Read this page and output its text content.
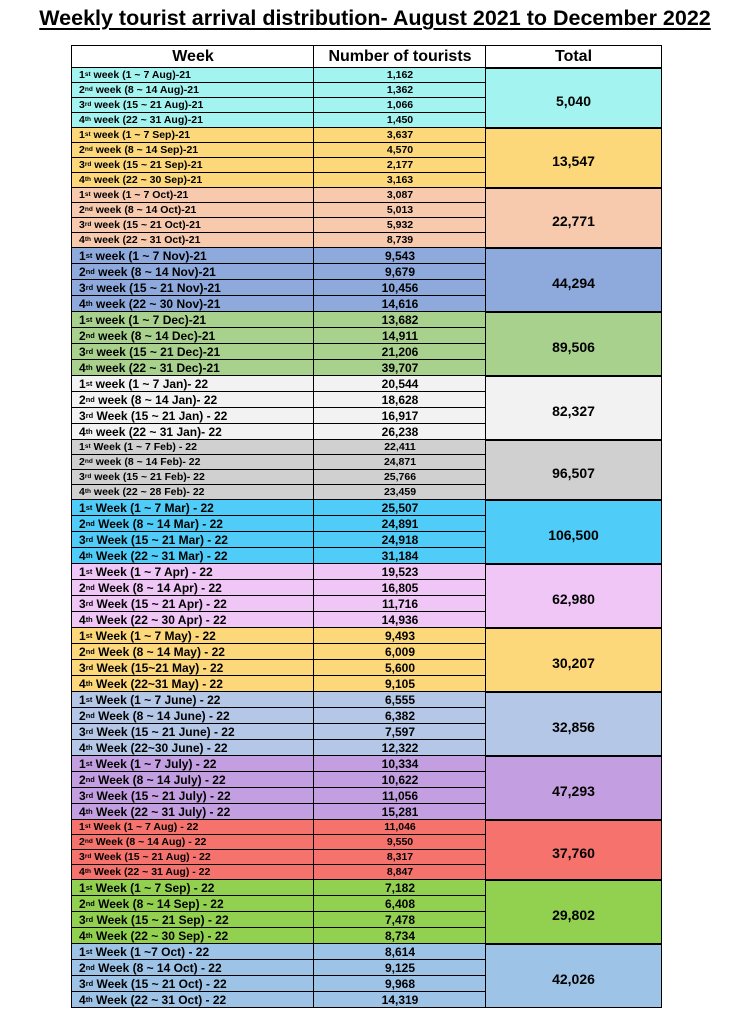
Weekly tourist arrival distribution- August 2021 to December 2022
Week	Number of tourists	Total
1 st week (1 ~ 7 Aug)-21	1,162
2 nd week (8 ~ 14 Aug)-21	1,362
3 rd week (15 ~ 21 Aug)-21	1,066
4 th week (22 ~ 31 Aug)-21	1,450
5,040
1 st week (1 ~ 7 Sep)-21	3,637
2 nd week (8 ~ 14 Sep)-21	4,570
3 rd week (15 ~ 21 Sep)-21	2,177
4 th week (22 ~ 30 Sep)-21	3,163
13,547
1 st week (1 ~ 7 Oct)-21	3,087
2 nd week (8 ~ 14 Oct)-21	5,013
3 rd week (15 ~ 21 Oct)-21	5,932
4 th week (22 ~ 31 Oct)-21	8,739
22,771
1 st week (1 ~ 7 Nov)-21	9,543
2 nd week (8 ~ 14 Nov)-21	9,679
3 rd week (15 ~ 21 Nov)-21	10,456
4 th week (22 ~ 30 Nov)-21	14,616
44,294
1 st week (1 ~ 7 Dec)-21	13,682
2 nd week (8 ~ 14 Dec)-21	14,911
3 rd week (15 ~ 21 Dec)-21	21,206
4 th week (22 ~ 31 Dec)-21	39,707
89,506
1 st week (1 ~ 7 Jan)- 22	20,544
2 nd week (8 ~ 14 Jan)- 22	18,628
3 rd Week (15 ~ 21 Jan) - 22	16,917
4 th week (22 ~ 31 Jan)- 22	26,238
82,327
1 st Week (1 ~ 7 Feb) - 22	22,411
2 nd week (8 ~ 14 Feb)- 22	24,871
3 rd week (15 ~ 21 Feb)- 22	25,766
4 th week (22 ~ 28 Feb)- 22	23,459
96,507
1 st Week (1 ~ 7 Mar) - 22	25,507
2 nd Week (8 ~ 14 Mar) - 22	24,891
3 rd Week (15 ~ 21 Mar) - 22	24,918
4 th Week (22 ~ 31 Mar) - 22	31,184
106,500
1 st Week (1 ~ 7 Apr) - 22	19,523
2 nd Week (8 ~ 14 Apr) - 22	16,805
3 rd Week (15 ~ 21 Apr) - 22	11,716
4 th Week (22 ~ 30 Apr) - 22	14,936
62,980
1 st Week (1 ~ 7 May) - 22	9,493
2 nd Week (8 ~ 14 May) - 22	6,009
3 rd Week (15~21 May) - 22	5,600
4 th Week (22~31 May) - 22	9,105
30,207
1 st Week (1 ~ 7 June) - 22	6,555
2 nd Week (8 ~ 14 June) - 22	6,382
3 rd Week (15 ~ 21 June) - 22	7,597
4 th Week (22~30 June) - 22	12,322
32,856
1 st Week (1 ~ 7 July) - 22	10,334
2 nd Week (8 ~ 14 July) - 22	10,622
3 rd Week (15 ~ 21 July) - 22	11,056
4 th Week (22 ~ 31 July) - 22	15,281
47,293
1 st Week (1 ~ 7 Aug) - 22	11,046
2 nd Week (8 ~ 14 Aug) - 22	9,550
3 rd Week (15 ~ 21 Aug) - 22	8,317
4 th Week (22 ~ 31 Aug) - 22	8,847
37,760
1 st Week (1 ~ 7 Sep) - 22	7,182
2 nd Week (8 ~ 14 Sep) - 22	6,408
3 rd Week (15 ~ 21 Sep) - 22	7,478
4 th Week (22 ~ 30 Sep) - 22	8,734
29,802
1 st Week (1 ~7 Oct) - 22	8,614
2 nd Week (8 ~ 14 Oct) - 22	9,125
3 rd Week (15 ~ 21 Oct) - 22	9,968
4 th Week (22 ~ 31 Oct) - 22	14,319
42,026
